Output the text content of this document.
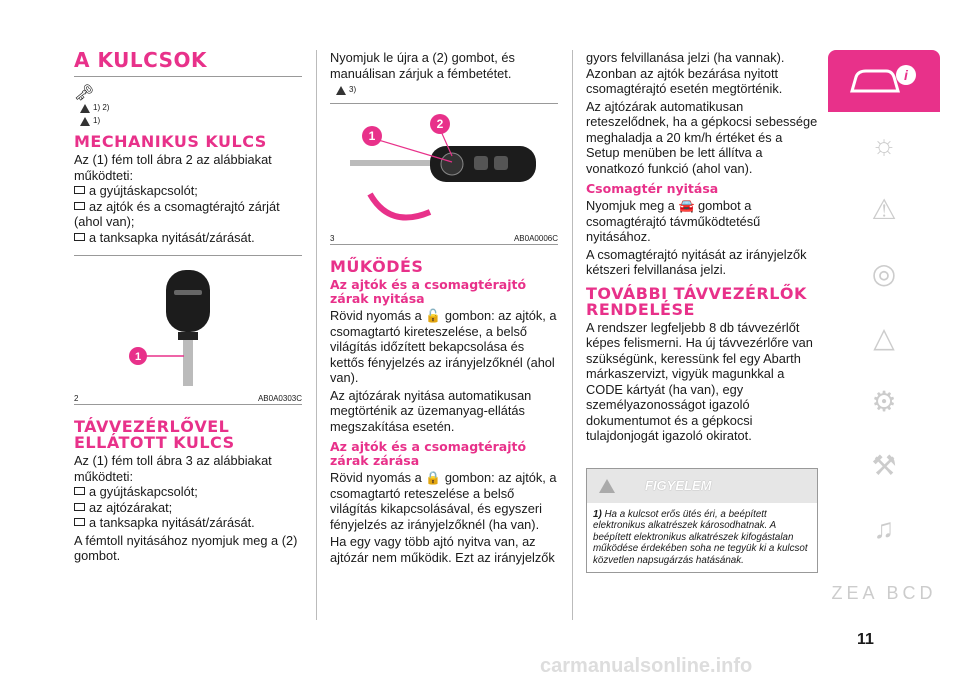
A KULCSOK
🗝
1) 2)
1)
MECHANIKUS KULCS

Az (1) fém toll ábra 2 az alábbiakat működteti:

a gyújtáskapcsolót;
az ajtók és a csomagtérajtó zárját (ahol van);
a tanksapka nyitását/zárását.
1
2	AB0A0303C
TÁVVEZÉRLŐVEL
ELLÁTOTT KULCS

Az (1) fém toll ábra 3 az alábbiakat működteti:

a gyújtáskapcsolót;
az ajtózárakat;
a tanksapka nyitását/zárását.

A fémtoll nyitásához nyomjuk meg a (2) gombot.

Nyomjuk le újra a (2) gombot, és manuálisan zárjuk a fémbetétet.

3)
1
2
3	AB0A0006C
MŰKÖDÉS
Az ajtók és a csomagtérajtó zárak nyitása

Rövid nyomás a 🔓 gombon: az ajtók, a csomagtartó kireteszelése, a belső világítás időzített bekapcsolása és kettős fényjelzés az irányjelzőknél (ahol van).

Az ajtózárak nyitása automatikusan megtörténik az üzemanyag-ellátás megszakítása esetén.

Az ajtók és a csomagtérajtó zárak zárása

Rövid nyomás a 🔒 gombon: az ajtók, a csomagtartó reteszelése a belső világítás kikapcsolásával, és egyszeri fényjelzés az irányjelzőknél (ha van).

Ha egy vagy több ajtó nyitva van, az ajtózár nem működik. Ezt az irányjelzők

gyors felvillanása jelzi (ha vannak). Azonban az ajtók bezárása nyitott csomagtérajtó esetén megtörténik.

Az ajtózárak automatikusan reteszelődnek, ha a gépkocsi sebessége meghaladja a 20 km/h értéket és a Setup menüben be lett állítva a vonatkozó funkció (ahol van).

Csomagtér nyitása

Nyomjuk meg a 🚘 gombot a csomagtérajtó távműködtetésű nyitásához.

A csomagtérajtó nyitását az irányjelzők kétszeri felvillanása jelzi.

TOVÁBBI TÁVVEZÉRLŐK
RENDELÉSE

A rendszer legfeljebb 8 db távvezérlőt képes felismerni. Ha új távvezérlőre van szükségünk, keressünk fel egy Abarth márkaszervizt, vigyük magunkkal a CODE kártyát (ha van), egy személyazonosságot igazoló dokumentumot és a gépkocsi tulajdonjogát igazoló okiratot.

FIGYELEM
1) Ha a kulcsot erős ütés éri, a beépített elektronikus alkatrészek károsodhatnak. A beépített elektronikus alkatrészek kifogástalan működése érdekében soha ne tegyük ki a kulcsot közvetlen napsugárzás hatásának.
i
☼
⚠
◎
△
⚙
⚒
♫
ZEA BCD
11
carmanualsonline.info
